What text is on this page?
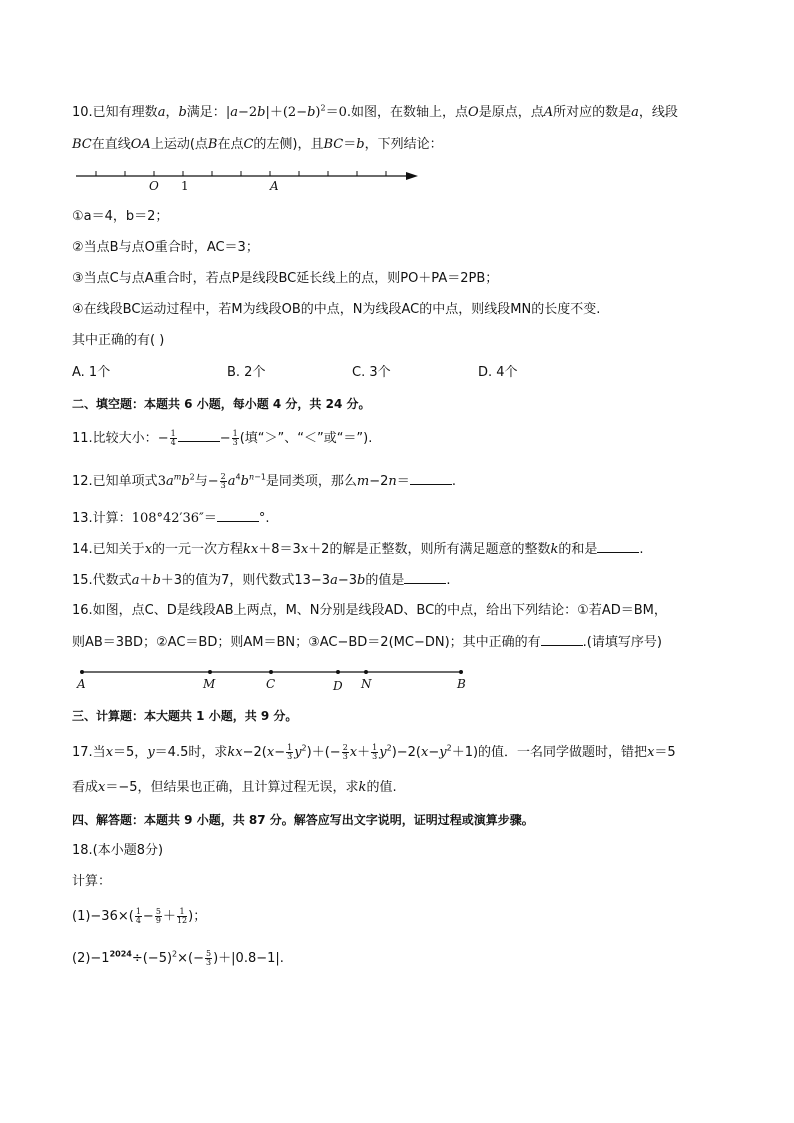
10.已知有理数a，b满足：$|a-2b|+(2-b)^2=0$.如图，在数轴上，点O是原点，点A所对应的数是a，线段
BC在直线OA上运动(点B在点C的左侧)，且BC＝b，下列结论：
O 1	A
A	M	C	D N	B
①a＝4，b＝2；
②当点B与点O重合时，AC＝3；
③当点C与点A重合时，若点P是线段BC延长线上的点，则PO＋PA＝2PB；
④在线段BC运动过程中，若M为线段OB的中点，N为线段AC的中点，则线段MN的长度不变.
其中正确的有( )
A. 1个	B. 2个	C. 3个	D. 4个
二、填空题：本题共 6 小题，每小题 4 分，共 24 分。
11.比较大小：− $\frac{1}{4}$	− $\frac{1}{3}$ (填“＞”、“＜”或“＝”).
12.已知单项式$3a^mb^2$与− $\frac{2}{3} a^4b^{n-1}$是同类项，那么m−2n＝	.
13.计算：108°42′36″＝	°.
14.已知关于x的一元一次方程kx＋8＝3x＋2的解是正整数，则所有满足题意的整数k的和是	.
15.代数式a＋b＋3的值为7，则代数式13−3a−3b的值是	.
16.如图，点C、D是线段AB上两点，M、N分别是线段AD、BC的中点，给出下列结论：①若AD＝BM，
则AB＝3BD；②AC＝BD；则AM＝BN；③AC−BD＝2(MC−DN)；其中正确的有	.(请填写序号)
三、计算题：本大题共 1 小题，共 9 分。
17.当x＝5，y＝4.5时，求$kx-2(x- \frac{1}{3} y^2)+(- \frac{2}{3} x+ \frac{1}{3} y^2)-2(x-y^2+1)$的值．一名同学做题时，错把x＝5
看成x＝−5，但结果也正确，且计算过程无误，求k的值.
四、解答题：本题共 9 小题，共 87 分。解答应写出文字说明，证明过程或演算步骤。
18.(本小题8分)
计算：
$(1)-36\times( \frac{1}{4} - \frac{5}{9} + \frac{1}{12}$ )；
$(2)-1^{2024}\div(-5)^2\times(- \frac{5}{3} )+|0.8-1|$.
